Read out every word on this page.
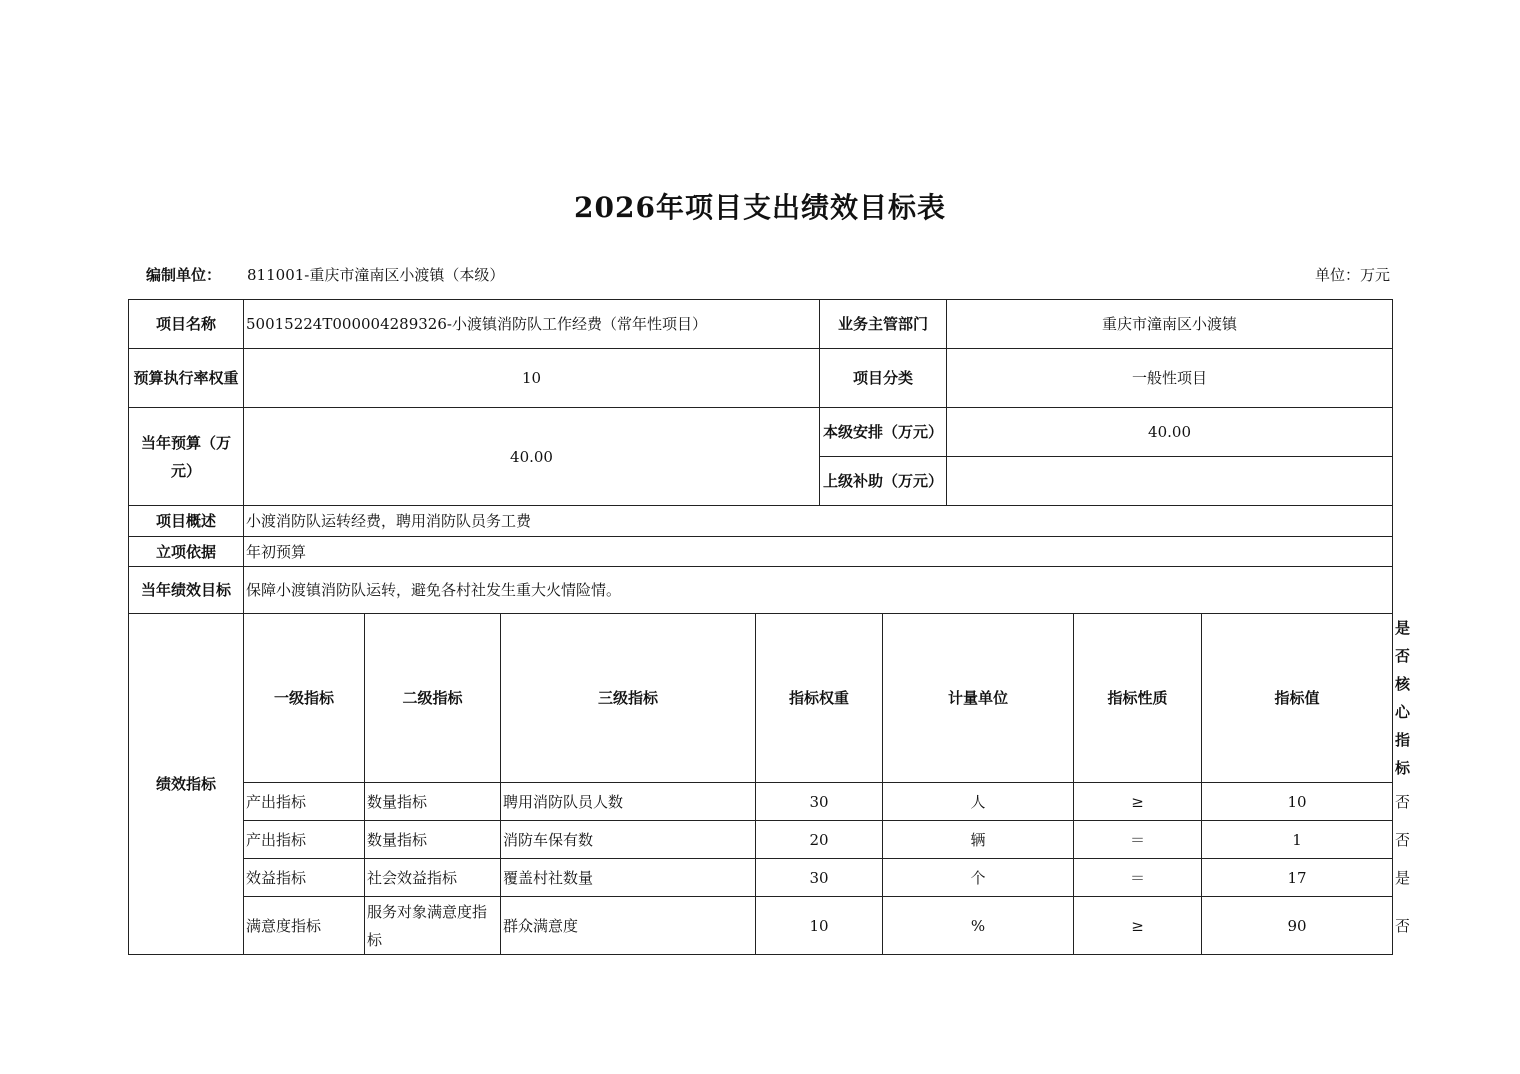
2026年项目支出绩效目标表
编制单位： 811001-重庆市潼南区小渡镇（本级）	单位：万元
项目名称	50015224T000004289326-小渡镇消防队工作经费（常年性项目）				业务主管部门		重庆市潼南区小渡镇			
预算执行率权重	10				项目分类		一般性项目			
当年预算（万元）	40.00				本级安排（万元）		40.00			
					上级补助（万元）					
项目概述	小渡消防队运转经费，聘用消防队员务工费									
立项依据	年初预算									
当年绩效目标	保障小渡镇消防队运转，避免各村社发生重大火情险情。									
绩效指标	一级指标	二级指标	三级指标	指标权重		计量单位		指标性质	指标值	是否核心指标
	产出指标	数量指标	聘用消防队员人数	30		人		≥	10	否
	产出指标	数量指标	消防车保有数	20		辆		＝	1	否
	效益指标	社会效益指标	覆盖村社数量	30		个		＝	17	是
	满意度指标	服务对象满意度指标	群众满意度	10		%		≥	90	否
